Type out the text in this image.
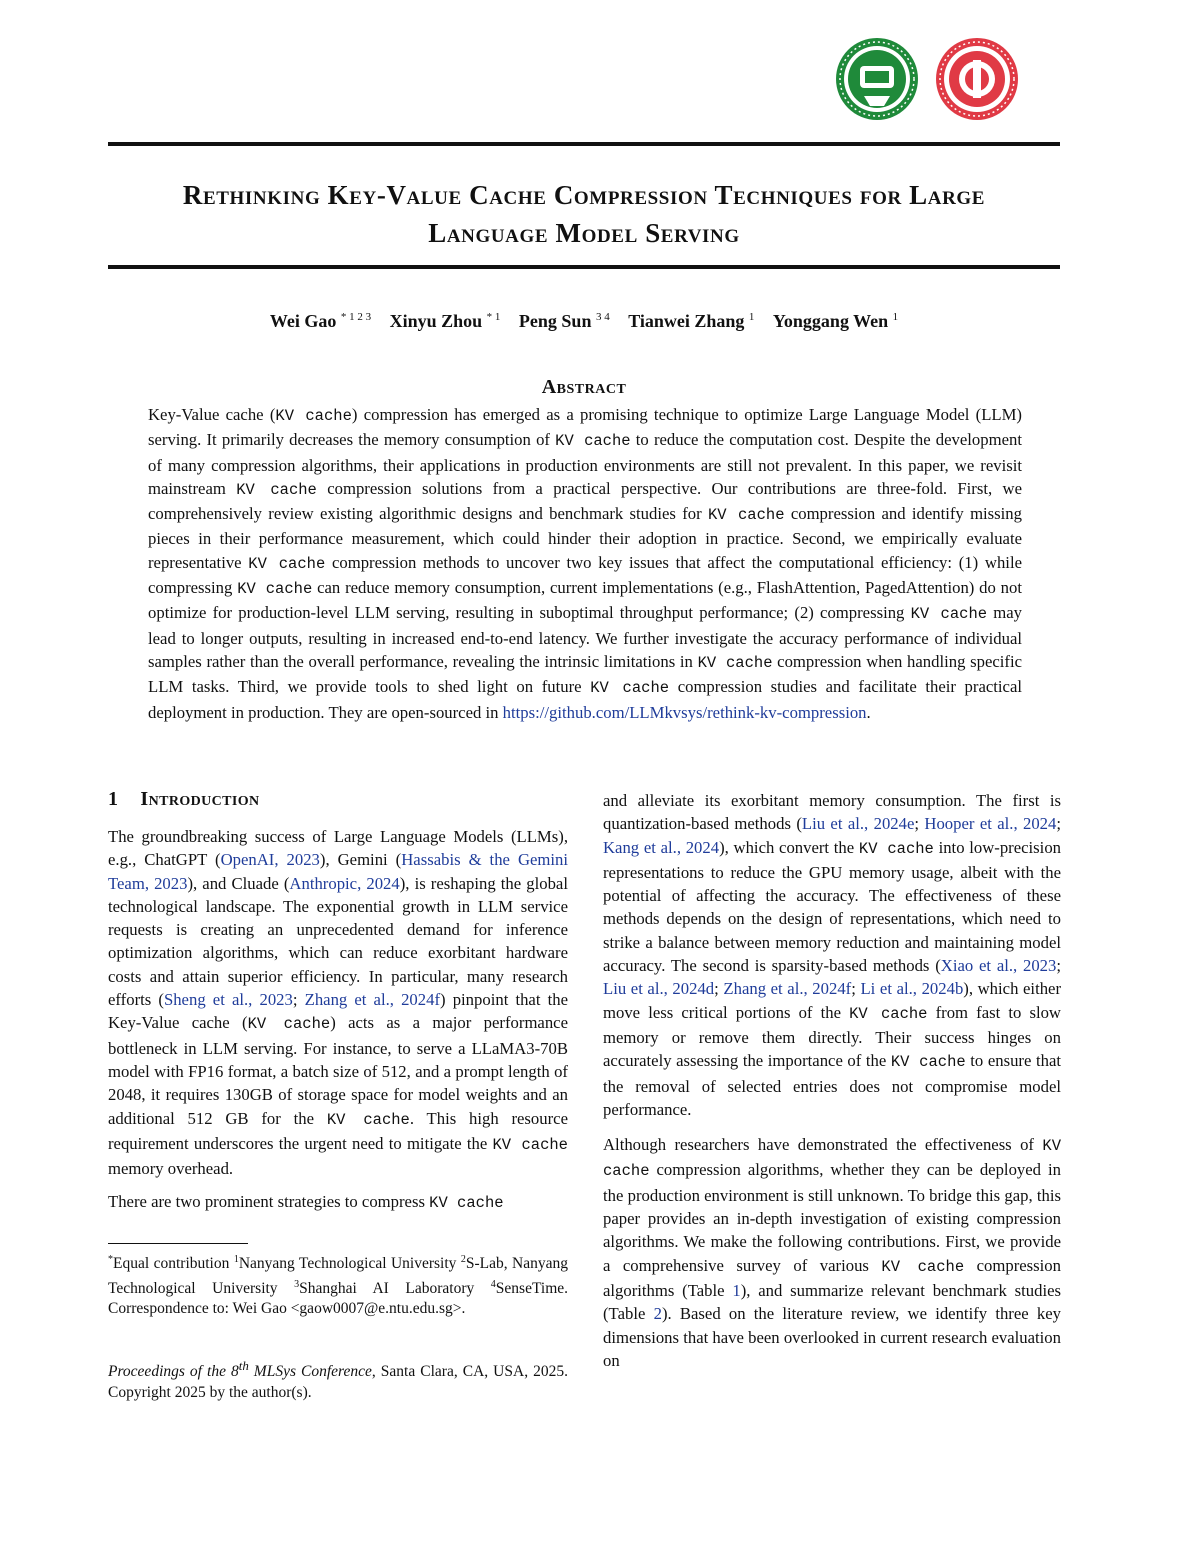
Rethinking Key-Value Cache Compression Techniques for Large
Language Model Serving
Wei Gao $^{* 1 2 3}$ Xinyu Zhou $^{* 1}$ Peng Sun $^{3 4}$ Tianwei Zhang $^1$ Yonggang Wen $^1$
Abstract
Key-Value cache (KV cache) compression has emerged as a promising technique to optimize Large Language Model (LLM) serving. It primarily decreases the memory consumption of KV cache to reduce the computation cost. Despite the development of many compression algorithms, their applications in production environments are still not prevalent. In this paper, we revisit mainstream KV cache compression solutions from a practical perspective. Our contributions are three-fold. First, we comprehensively review existing algorithmic designs and benchmark studies for KV cache compression and identify missing pieces in their performance measurement, which could hinder their adoption in practice. Second, we empirically evaluate representative KV cache compression methods to uncover two key issues that affect the computational efficiency: (1) while compressing KV cache can reduce memory consumption, current implementations (e.g., FlashAttention, PagedAttention) do not optimize for production-level LLM serving, resulting in suboptimal throughput performance; (2) compressing KV cache may lead to longer outputs, resulting in increased end-to-end latency. We further investigate the accuracy performance of individual samples rather than the overall performance, revealing the intrinsic limitations in KV cache compression when handling specific LLM tasks. Third, we provide tools to shed light on future KV cache compression studies and facilitate their practical deployment in production. They are open-sourced in https://github.com/LLMkvsys/rethink-kv-compression.
1 Introduction

The groundbreaking success of Large Language Models (LLMs), e.g., ChatGPT (OpenAI, 2023), Gemini (Hassabis & the Gemini Team, 2023), and Cluade (Anthropic, 2024), is reshaping the global technological landscape. The exponential growth in LLM service requests is creating an unprecedented demand for inference optimization algorithms, which can reduce exorbitant hardware costs and attain superior efficiency. In particular, many research efforts (Sheng et al., 2023; Zhang et al., 2024f) pinpoint that the Key-Value cache (KV cache) acts as a major performance bottleneck in LLM serving. For instance, to serve a LLaMA3-70B model with FP16 format, a batch size of 512, and a prompt length of 2048, it requires 130GB of storage space for model weights and an additional 512 GB for the KV cache. This high resource requirement underscores the urgent need to mitigate the KV cache memory overhead.

There are two prominent strategies to compress KV cache

*Equal contribution $^1$Nanyang Technological University $^2$S-Lab, Nanyang Technological University $^3$Shanghai AI Laboratory $^4$SenseTime. Correspondence to: Wei Gao <gaow0007@e.ntu.edu.sg>.
Proceedings of the 8th MLSys Conference, Santa Clara, CA, USA, 2025. Copyright 2025 by the author(s).

and alleviate its exorbitant memory consumption. The first is quantization-based methods (Liu et al., 2024e; Hooper et al., 2024; Kang et al., 2024), which convert the KV cache into low-precision representations to reduce the GPU memory usage, albeit with the potential of affecting the accuracy. The effectiveness of these methods depends on the design of representations, which need to strike a balance between memory reduction and maintaining model accuracy. The second is sparsity-based methods (Xiao et al., 2023; Liu et al., 2024d; Zhang et al., 2024f; Li et al., 2024b), which either move less critical portions of the KV cache from fast to slow memory or remove them directly. Their success hinges on accurately assessing the importance of the KV cache to ensure that the removal of selected entries does not compromise model performance.

Although researchers have demonstrated the effectiveness of KV cache compression algorithms, whether they can be deployed in the production environment is still unknown. To bridge this gap, this paper provides an in-depth investigation of existing compression algorithms. We make the following contributions. First, we provide a comprehensive survey of various KV cache compression algorithms (Table 1), and summarize relevant benchmark studies (Table 2). Based on the literature review, we identify three key dimensions that have been overlooked in current research evaluation on
